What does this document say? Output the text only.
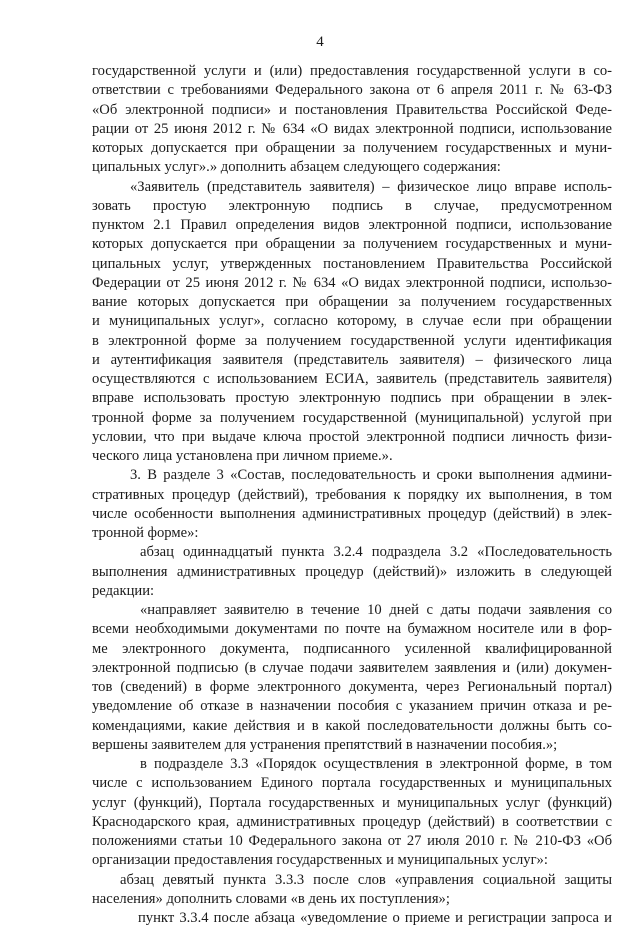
4
государственной услуги и (или) предоставления государственной услуги в со-
ответствии с требованиями Федерального закона от 6 апреля 2011 г. № 63-ФЗ
«Об электронной подписи» и постановления Правительства Российской Феде-
рации от 25 июня 2012 г. № 634 «О видах электронной подписи, использование
которых допускается при обращении за получением государственных и муни-
ципальных услуг».» дополнить абзацем следующего содержания:
«Заявитель (представитель заявителя) – физическое лицо вправе исполь-
зовать простую электронную подпись в случае, предусмотренном
пунктом 2.1 Правил определения видов электронной подписи, использование
которых допускается при обращении за получением государственных и муни-
ципальных услуг, утвержденных постановлением Правительства Российской
Федерации от 25 июня 2012 г. № 634 «О видах электронной подписи, использо-
вание которых допускается при обращении за получением государственных
и муниципальных услуг», согласно которому, в случае если при обращении
в электронной форме за получением государственной услуги идентификация
и аутентификация заявителя (представитель заявителя) – физического лица
осуществляются с использованием ЕСИА, заявитель (представитель заявителя)
вправе использовать простую электронную подпись при обращении в элек-
тронной форме за получением государственной (муниципальной) услугой при
условии, что при выдаче ключа простой электронной подписи личность физи-
ческого лица установлена при личном приеме.».
3. В разделе 3 «Состав, последовательность и сроки выполнения админи-
стративных процедур (действий), требования к порядку их выполнения, в том
числе особенности выполнения административных процедур (действий) в элек-
тронной форме»:
абзац одиннадцатый пункта 3.2.4 подраздела 3.2 «Последовательность
выполнения административных процедур (действий)» изложить в следующей
редакции:
«направляет заявителю в течение 10 дней с даты подачи заявления со
всеми необходимыми документами по почте на бумажном носителе или в фор-
ме электронного документа, подписанного усиленной квалифицированной
электронной подписью (в случае подачи заявителем заявления и (или) докумен-
тов (сведений) в форме электронного документа, через Региональный портал)
уведомление об отказе в назначении пособия с указанием причин отказа и ре-
комендациями, какие действия и в какой последовательности должны быть со-
вершены заявителем для устранения препятствий в назначении пособия.»;
в подразделе 3.3 «Порядок осуществления в электронной форме, в том
числе с использованием Единого портала государственных и муниципальных
услуг (функций), Портала государственных и муниципальных услуг (функций)
Краснодарского края, административных процедур (действий) в соответствии с
положениями статьи 10 Федерального закона от 27 июля 2010 г. № 210-ФЗ «Об
организации предоставления государственных и муниципальных услуг»:
абзац девятый пункта 3.3.3 после слов «управления социальной защиты
населения» дополнить словами «в день их поступления»;
пункт 3.3.4 после абзаца «уведомление о приеме и регистрации запроса и
